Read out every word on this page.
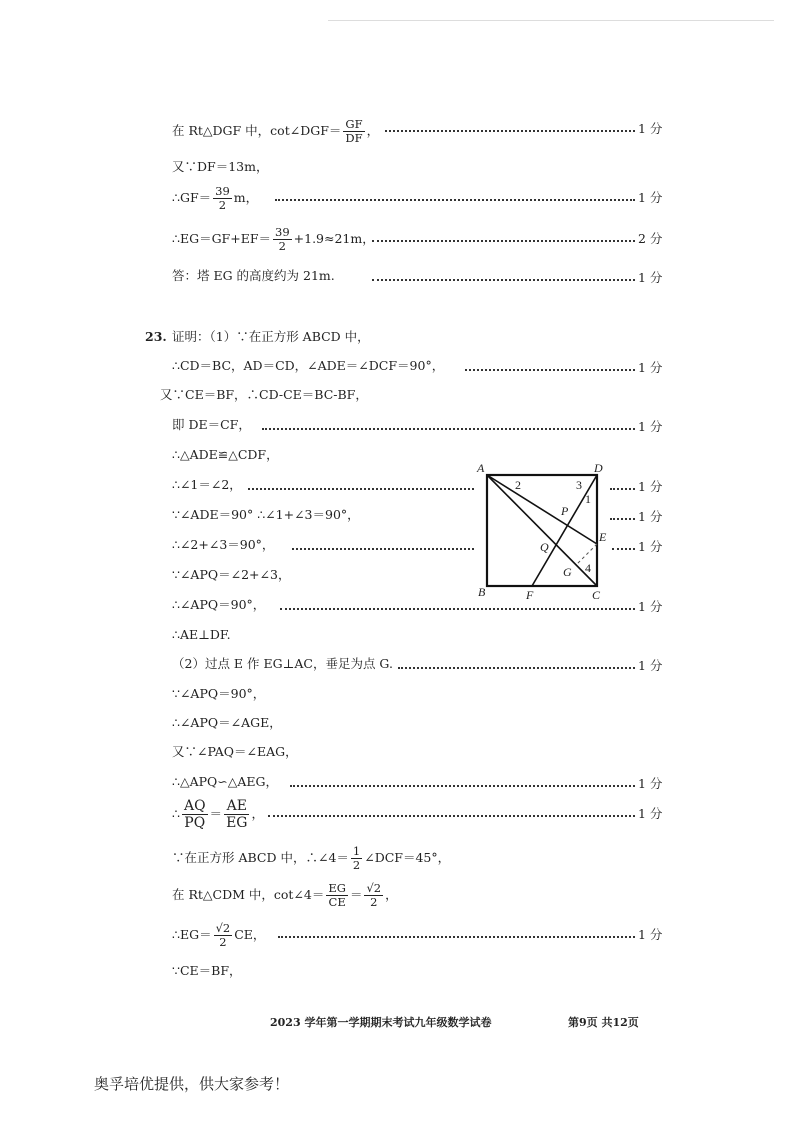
在 Rt△DGF 中，cot∠DGF＝ $\frac{GF}{DF}$ ，	1 分
又∵DF＝13m，
∴GF＝ $\frac{39}{2}$ m，	1 分
∴EG＝GF+EF＝ $\frac{39}{2} +1.9\approx 21m$，	2 分
答：塔 EG 的高度约为 21m.	1 分
23. 证明：（1）∵在正方形 ABCD 中，
∴CD＝BC，AD＝CD，∠ADE＝∠DCF＝90°，	1 分
又∵CE＝BF，∴CD-CE＝BC-BF，
即 DE＝CF，	1 分
∴△ADE≌△CDF，
∴∠1＝∠2，	1 分
∵∠ADE＝90° ∴∠1+∠3＝90°，	1 分
∴∠2+∠3＝90°，	1 分
∵∠APQ＝∠2+∠3，
∴∠APQ＝90°，	1 分
∴AE⊥DF.
（2）过点 E 作 EG⊥AC，垂足为点 G.	1 分
∵∠APQ＝90°，
∴∠APQ＝∠AGE，
又∵∠PAQ＝∠EAG，
∴△APQ∽△AEG，	1 分
∴ $\frac{AQ}{PQ} = \frac{AE}{EG}$ ，	1 分
∵在正方形 ABCD 中，∴∠4＝ $\frac{1}{2}$ ∠DCF＝45°，
在 Rt△CDM 中，cot∠4＝ $\frac{EG}{CE} = \frac{√2}{2}$ ，
∴EG＝ $\frac{√2}{2}$ CE，	1 分
∵CE＝BF，
A	D
B	C
E
F
P
Q
G
2	3
1
4
2023 学年第一学期期末考试九年级数学试卷	第9页 共12页
奥孚培优提供，供大家参考！
